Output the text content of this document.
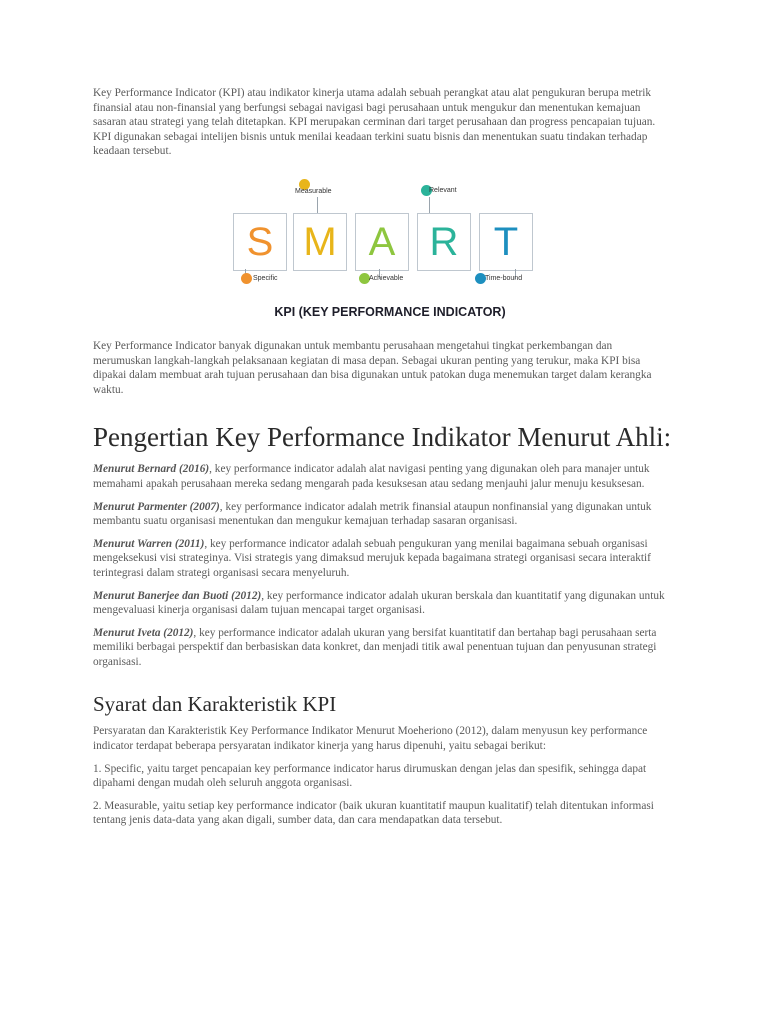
Key Performance Indicator (KPI) atau indikator kinerja utama adalah sebuah perangkat atau alat pengukuran berupa metrik finansial atau non-finansial yang berfungsi sebagai navigasi bagi perusahaan untuk mengukur dan menentukan kemajuan sasaran atau strategi yang telah ditetapkan. KPI merupakan cerminan dari target perusahaan dan progress pencapaian tujuan. KPI digunakan sebagai intelijen bisnis untuk menilai keadaan terkini suatu bisnis dan menentukan suatu tindakan terhadap keadaan tersebut.

S M A R T
Specific
Measurable
Achievable
Relevant
Time-bound
KPI (KEY PERFORMANCE INDICATOR)

Key Performance Indicator banyak digunakan untuk membantu perusahaan mengetahui tingkat perkembangan dan merumuskan langkah-langkah pelaksanaan kegiatan di masa depan. Sebagai ukuran penting yang terukur, maka KPI bisa dipakai dalam membuat arah tujuan perusahaan dan bisa digunakan untuk patokan duga menemukan target dalam kerangka waktu.

Pengertian Key Performance Indikator Menurut Ahli:

Menurut Bernard (2016), key performance indicator adalah alat navigasi penting yang digunakan oleh para manajer untuk memahami apakah perusahaan mereka sedang mengarah pada kesuksesan atau sedang menjauhi jalur menuju kesuksesan.

Menurut Parmenter (2007), key performance indicator adalah metrik finansial ataupun nonfinansial yang digunakan untuk membantu suatu organisasi menentukan dan mengukur kemajuan terhadap sasaran organisasi.

Menurut Warren (2011), key performance indicator adalah sebuah pengukuran yang menilai bagaimana sebuah organisasi mengeksekusi visi strateginya. Visi strategis yang dimaksud merujuk kepada bagaimana strategi organisasi secara interaktif terintegrasi dalam strategi organisasi secara menyeluruh.

Menurut Banerjee dan Buoti (2012), key performance indicator adalah ukuran berskala dan kuantitatif yang digunakan untuk mengevaluasi kinerja organisasi dalam tujuan mencapai target organisasi.

Menurut Iveta (2012), key performance indicator adalah ukuran yang bersifat kuantitatif dan bertahap bagi perusahaan serta memiliki berbagai perspektif dan berbasiskan data konkret, dan menjadi titik awal penentuan tujuan dan penyusunan strategi organisasi.

Syarat dan Karakteristik KPI

Persyaratan dan Karakteristik Key Performance Indikator Menurut Moeheriono (2012), dalam menyusun key performance indicator terdapat beberapa persyaratan indikator kinerja yang harus dipenuhi, yaitu sebagai berikut:

1. Specific, yaitu target pencapaian key performance indicator harus dirumuskan dengan jelas dan spesifik, sehingga dapat dipahami dengan mudah oleh seluruh anggota organisasi.

2. Measurable, yaitu setiap key performance indicator (baik ukuran kuantitatif maupun kualitatif) telah ditentukan informasi tentang jenis data-data yang akan digali, sumber data, dan cara mendapatkan data tersebut.
